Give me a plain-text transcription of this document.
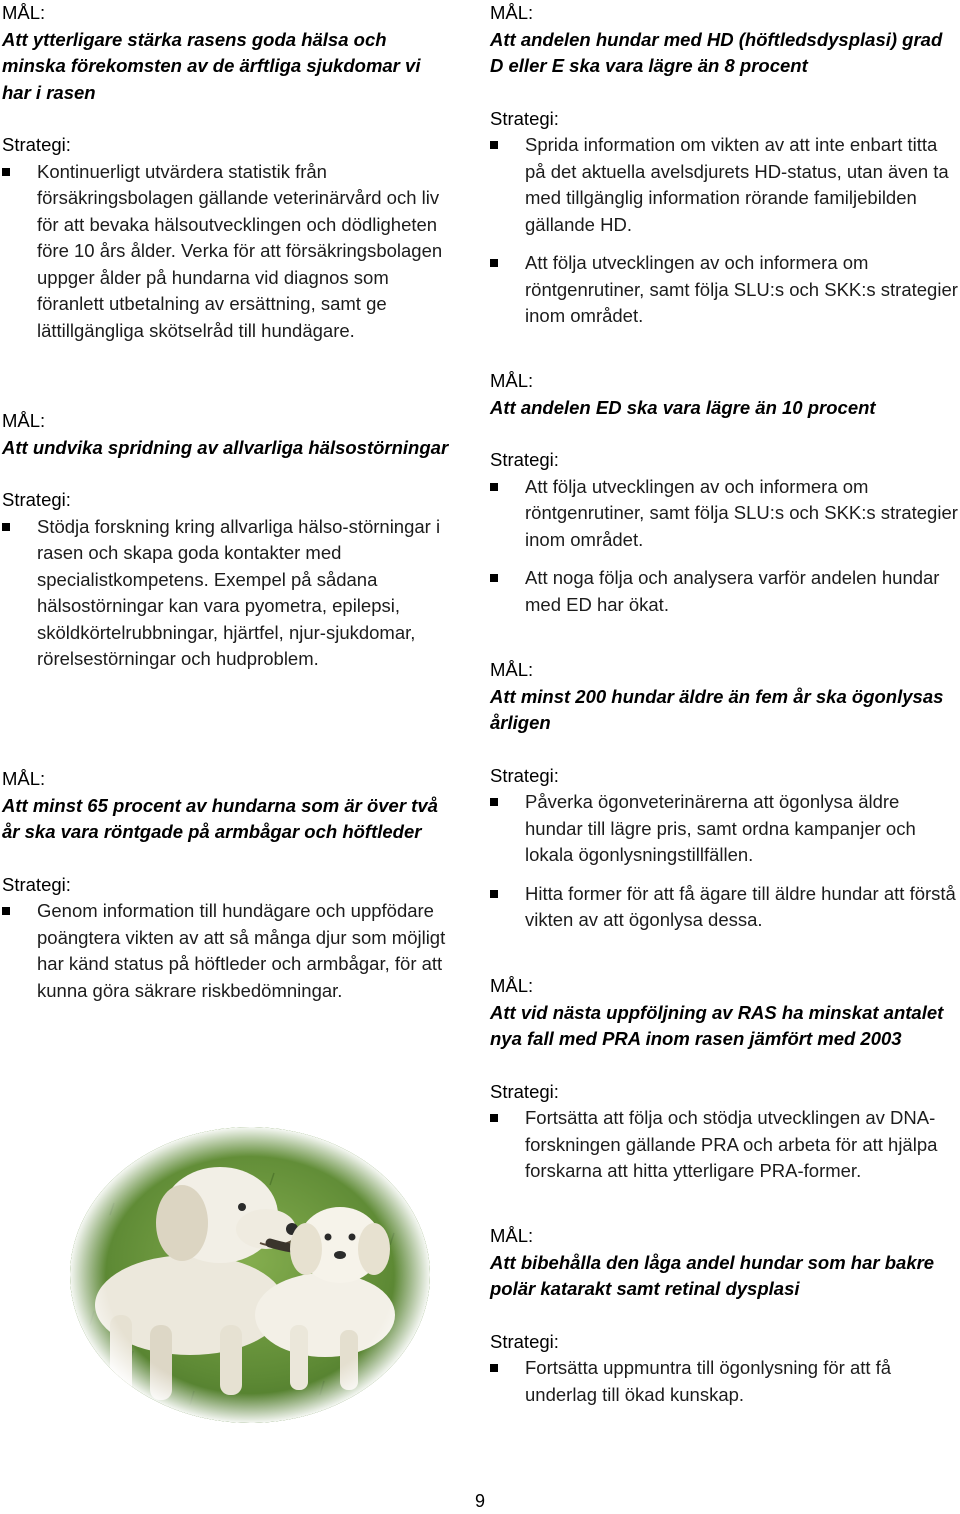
MÅL:
Att ytterligare stärka rasens goda hälsa och minska förekomsten av de ärftliga sjukdomar vi har i rasen
Strategi:
Kontinuerligt utvärdera statistik från försäkringsbolagen gällande veterinärvård och liv för att bevaka hälsoutvecklingen och dödligheten före 10 års ålder. Verka för att försäkringsbolagen uppger ålder på hundarna vid diagnos som föranlett utbetalning av ersättning, samt ge lättillgängliga skötselråd till hundägare.
MÅL:
Att undvika spridning av allvarliga hälsostörningar
Strategi:
Stödja forskning kring allvarliga hälso-störningar i rasen och skapa goda kontakter med specialistkompetens. Exempel på sådana hälsostörningar kan vara pyometra, epilepsi, sköldkörtelrubbningar, hjärtfel, njur-sjukdomar, rörelsestörningar och hudproblem.
MÅL:
Att minst 65 procent av hundarna som är över två år ska vara röntgade på armbågar och höftleder
Strategi:
Genom information till hundägare och uppfödare poängtera vikten av att så många djur som möjligt har känd status på höftleder och armbågar, för att kunna göra säkrare riskbedömningar.
MÅL:
Att andelen hundar med HD (höftledsdysplasi) grad D eller E ska vara lägre än 8 procent
Strategi:
Sprida information om vikten av att inte enbart titta på det aktuella avelsdjurets HD-status, utan även ta med tillgänglig information rörande familjebilden gällande HD.
Att följa utvecklingen av och informera om röntgenrutiner, samt följa SLU:s och SKK:s strategier inom området.
MÅL:
Att andelen ED ska vara lägre än 10 procent
Strategi:
Att följa utvecklingen av och informera om röntgenrutiner, samt följa SLU:s och SKK:s strategier inom området.
Att noga följa och analysera varför andelen hundar med ED har ökat.
MÅL:
Att minst 200 hundar äldre än fem år ska ögonlysas årligen
Strategi:
Påverka ögonveterinärerna att ögonlysa äldre hundar till lägre pris, samt ordna kampanjer och lokala ögonlysningstillfällen.
Hitta former för att få ägare till äldre hundar att förstå vikten av att ögonlysa dessa.
MÅL:
Att vid nästa uppföljning av RAS ha minskat antalet nya fall med PRA inom rasen jämfört med 2003
Strategi:
Fortsätta att följa och stödja utvecklingen av DNA-forskningen gällande PRA och arbeta för att hjälpa forskarna att hitta ytterligare PRA-former.
MÅL:
Att bibehålla den låga andel hundar som har bakre polär katarakt samt retinal dysplasi
Strategi:
Fortsätta uppmuntra till ögonlysning för att få underlag till ökad kunskap.
9
